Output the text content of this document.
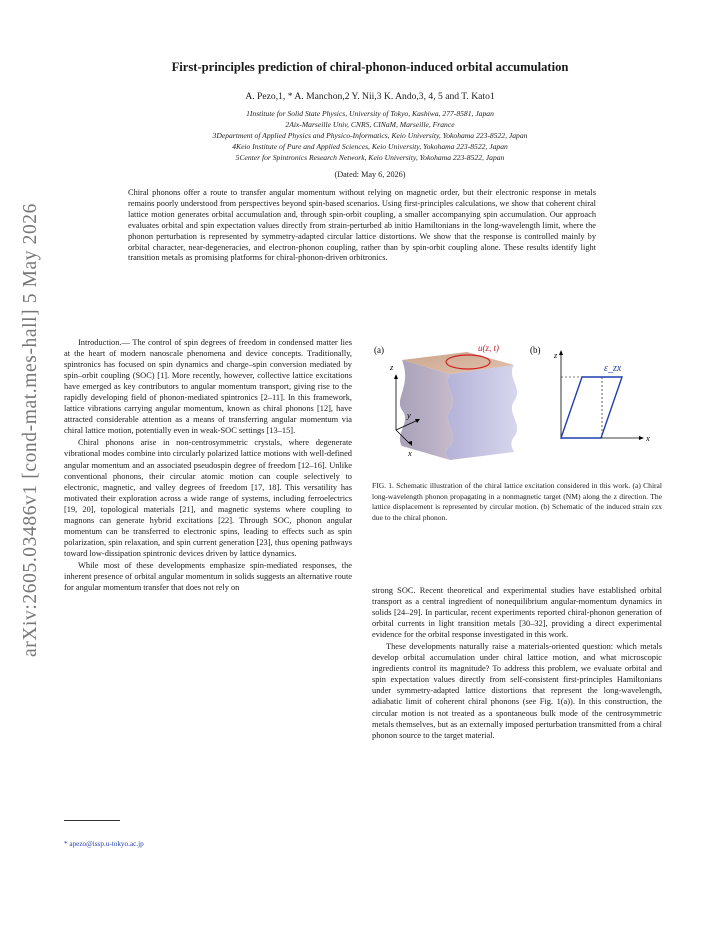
arXiv:2605.03486v1 [cond-mat.mes-hall] 5 May 2026
First-principles prediction of chiral-phonon-induced orbital accumulation
A. Pezo,1, * A. Manchon,2 Y. Nii,3 K. Ando,3, 4, 5 and T. Kato1
1Institute for Solid State Physics, University of Tokyo, Kashiwa, 277-8581, Japan
2Aix-Marseille Univ, CNRS, CINaM, Marseille, France
3Department of Applied Physics and Physico-Informatics, Keio University, Yokohama 223-8522, Japan
4Keio Institute of Pure and Applied Sciences, Keio University, Yokohama 223-8522, Japan
5Center for Spintronics Research Network, Keio University, Yokohama 223-8522, Japan
(Dated: May 6, 2026)
Chiral phonons offer a route to transfer angular momentum without relying on magnetic order, but their electronic response in metals remains poorly understood from perspectives beyond spin-based scenarios. Using first-principles calculations, we show that coherent chiral lattice motion generates orbital accumulation and, through spin-orbit coupling, a smaller accompanying spin accumulation. Our approach evaluates orbital and spin expectation values directly from strain-perturbed ab initio Hamiltonians in the long-wavelength limit, where the phonon perturbation is represented by symmetry-adapted circular lattice distortions. We show that the response is controlled mainly by orbital character, near-degeneracies, and electron-phonon coupling, rather than by spin-orbit coupling alone. These results identify light transition metals as promising platforms for chiral-phonon-driven orbitronics.

Introduction.— The control of spin degrees of freedom in condensed matter lies at the heart of modern nanoscale phenomena and device concepts. Traditionally, spintronics has focused on spin dynamics and charge–spin conversion mediated by spin–orbit coupling (SOC) [1]. More recently, however, collective lattice excitations have emerged as key contributors to angular momentum transport, giving rise to the rapidly developing field of phonon-mediated spintronics [2–11]. In this framework, lattice vibrations carrying angular momentum, known as chiral phonons [12], have attracted considerable attention as a means of transferring angular momentum via chiral lattice motion, potentially even in weak-SOC settings [13–15].

Chiral phonons arise in non-centrosymmetric crystals, where degenerate vibrational modes combine into circularly polarized lattice motions with well-defined angular momentum and an associated pseudospin degree of freedom [12–16]. Unlike conventional phonons, their circular atomic motion can couple selectively to electronic, magnetic, and valley degrees of freedom [17, 18]. This versatility has motivated their exploration across a wide range of systems, including ferroelectrics [19, 20], topological materials [21], and magnetic systems where coupling to magnons can generate hybrid excitations [22]. Through SOC, phonon angular momentum can be transferred to electronic spins, leading to effects such as spin polarization, spin relaxation, and spin current generation [23], thus opening pathways toward low-dissipation spintronic devices driven by lattice dynamics.

While most of these developments emphasize spin-mediated responses, the inherent presence of orbital angular momentum in solids suggests an alternative route for angular momentum transfer that does not rely on

(a)	(b)
u(z, t)
z
y
x
z
x
ε_zx
FIG. 1. Schematic illustration of the chiral lattice excitation considered in this work. (a) Chiral long-wavelength phonon propagating in a nonmagnetic target (NM) along the z direction. The lattice displacement is represented by circular motion. (b) Schematic of the induced strain εzx due to the chiral phonon.

strong SOC. Recent theoretical and experimental studies have established orbital transport as a central ingredient of nonequilibrium angular-momentum dynamics in solids [24–29]. In particular, recent experiments reported chiral-phonon generation of orbital currents in light transition metals [30–32], providing a direct experimental evidence for the orbital response investigated in this work.

These developments naturally raise a materials-oriented question: which metals develop orbital accumulation under chiral lattice motion, and what microscopic ingredients control its magnitude? To address this problem, we evaluate orbital and spin expectation values directly from self-consistent first-principles Hamiltonians under symmetry-adapted lattice distortions that represent the long-wavelength, adiabatic limit of coherent chiral phonons (see Fig. 1(a)). In this construction, the circular motion is not treated as a spontaneous bulk mode of the centrosymmetric metals themselves, but as an externally imposed perturbation transmitted from a chiral phonon source to the target material.

* apezo@issp.u-tokyo.ac.jp
